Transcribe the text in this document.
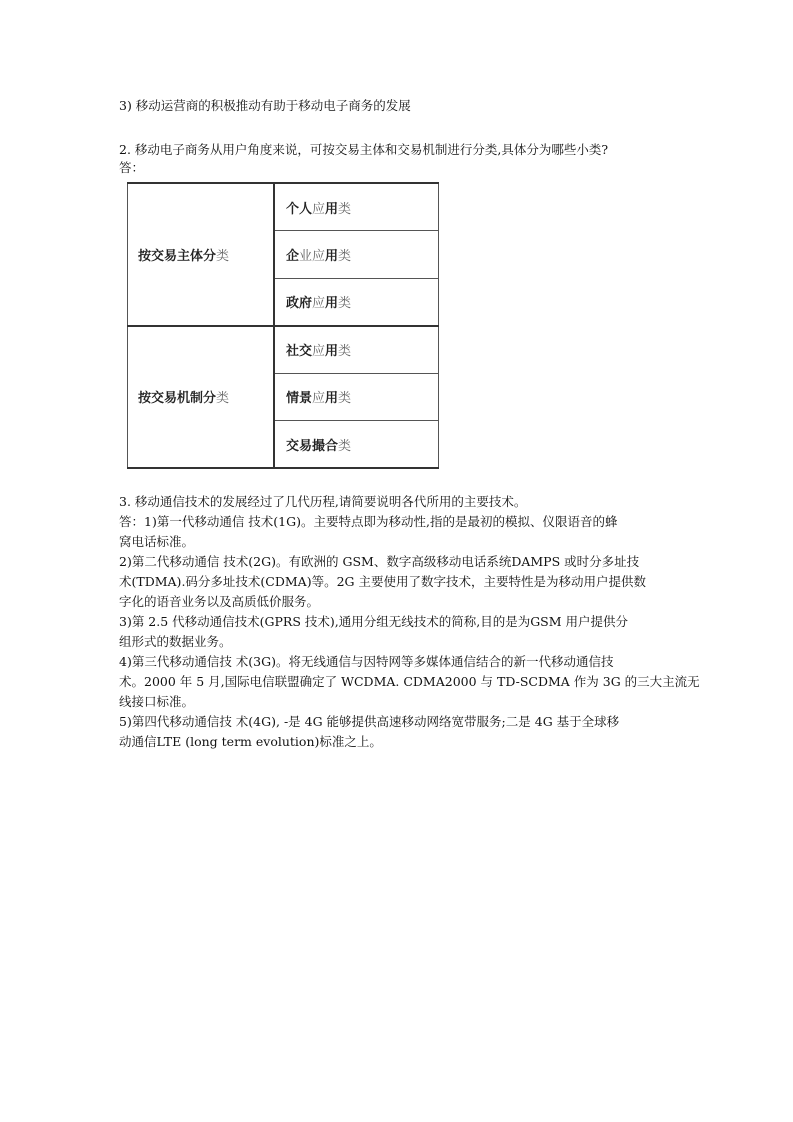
3) 移动运营商的积极推动有助于移动电子商务的发展
2. 移动电子商务从用户角度来说，可按交易主体和交易机制进行分类,具体分为哪些小类?
答：
按交易主体分类	个人应用类
	企业应用类
	政府应用类
按交易机制分类	社交应用类
	情景应用类
	交易撮合类
3. 移动通信技术的发展经过了几代历程,请简要说明各代所用的主要技术。
答：1)第一代移动通信 技术(1G)。主要特点即为移动性,指的是最初的模拟、仪限语音的蜂
窝电话标准。
2)第二代移动通信 技术(2G)。有欧洲的 GSM、数字高级移动电话系统DAMPS 或时分多址技
术(TDMA).码分多址技术(CDMA)等。2G 主要使用了数字技术，主要特性是为移动用户提供数
字化的语音业务以及高质低价服务。
3)第 2.5 代移动通信技术(GPRS 技术),通用分组无线技术的简称,目的是为GSM 用户提供分
组形式的数据业务。
4)第三代移动通信技 术(3G)。将无线通信与因特网等多媒体通信结合的新一代移动通信技
术。2000 年 5 月,国际电信联盟确定了 WCDMA. CDMA2000 与 TD-SCDMA 作为 3G 的三大主流无
线接口标准。
5)第四代移动通信技 术(4G), -是 4G 能够提供高速移动网络宽带服务;二是 4G 基于全球移
动通信LTE (long term evolution)标准之上。
